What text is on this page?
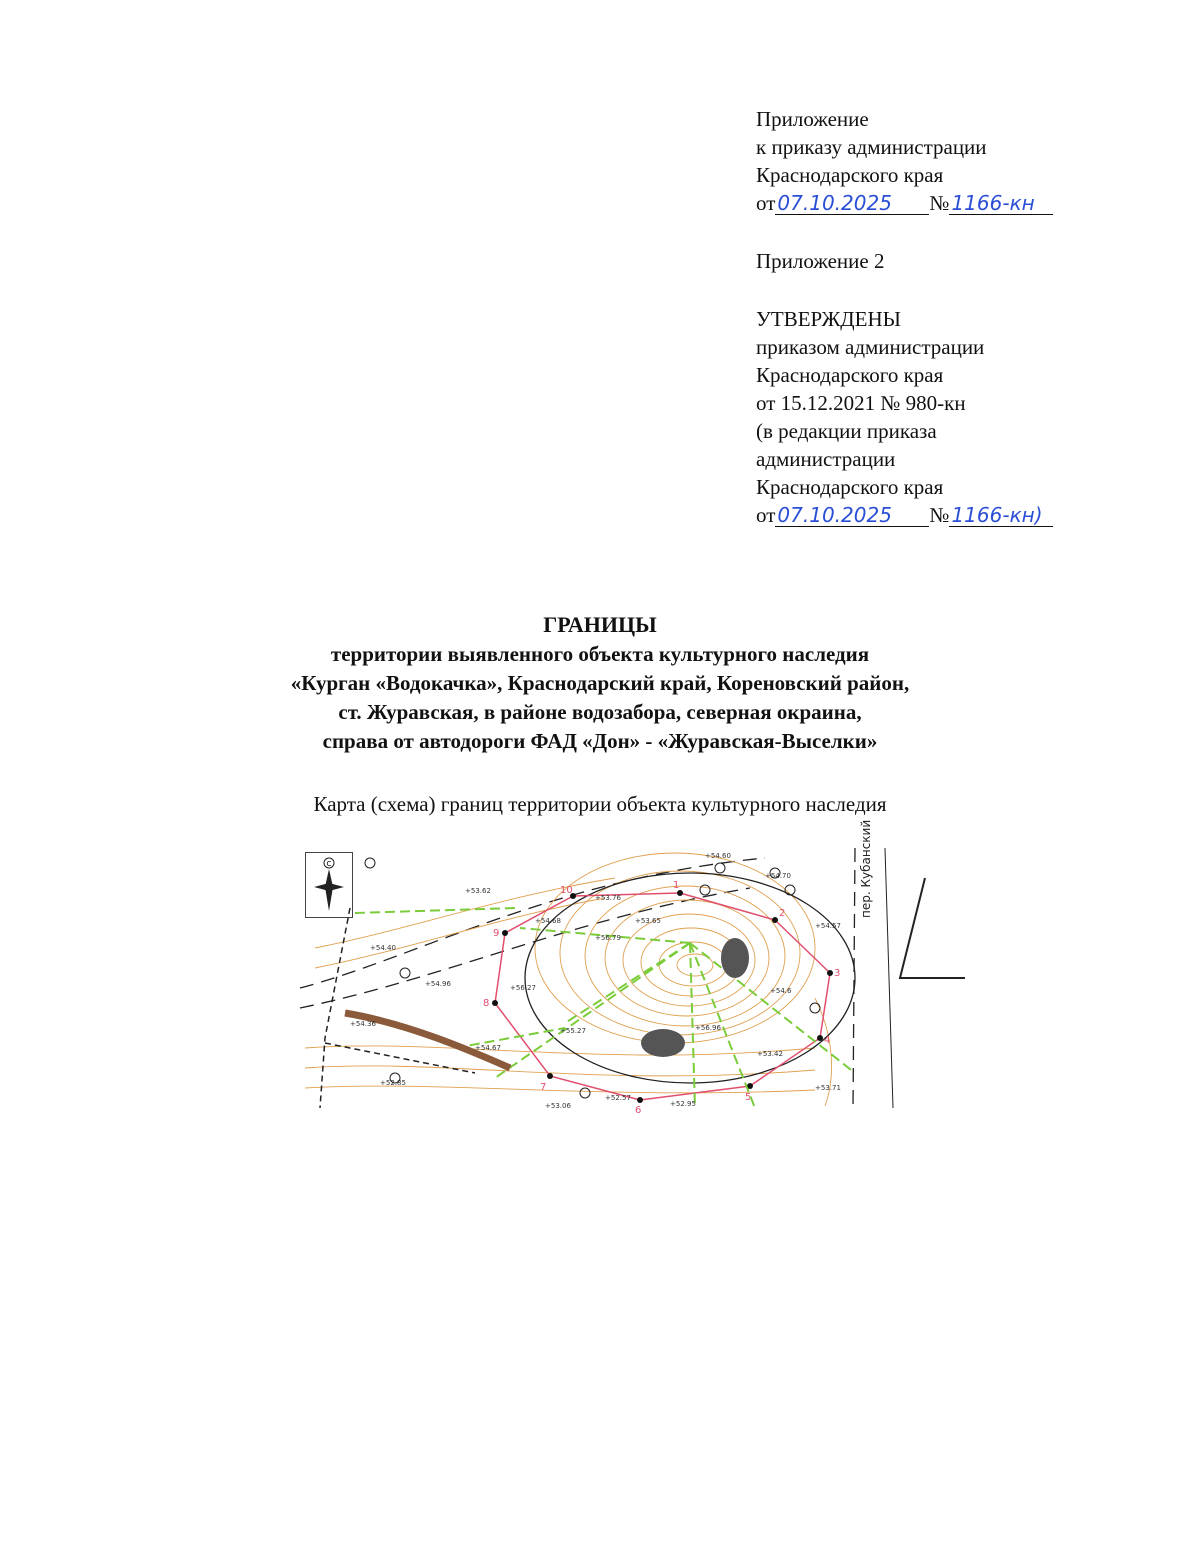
Приложение
к приказу администрации
Краснодарского края
от 07.10.2025 № 1166-кн
Приложение 2
УТВЕРЖДЕНЫ
приказом администрации
Краснодарского края
от 15.12.2021 № 980-кн
(в редакции приказа
администрации
Краснодарского края
от 07.10.2025 № 1166-кн)
ГРАНИЦЫ
территории выявленного объекта культурного наследия
«Курган «Водокачка», Краснодарский край, Кореновский район,
ст. Журавская, в районе водозабора, северная окраина,
справа от автодороги ФАД «Дон» - «Журавская-Выселки»
Карта (схема) границ территории объекта культурного наследия
С
1
2
3
4
5
6
7
8
9
10	пер. Кубанский
+54.60
+54.70
+53.76
+53.62
+54.68	+53.65
+54.57
+56.79
+54.40
+54.96	+56.27	+54.6
+54.36
+55.27	+56.96
+54.67
+53.42
+52.85
+53.71
+53.06	+52.95
+52.57
